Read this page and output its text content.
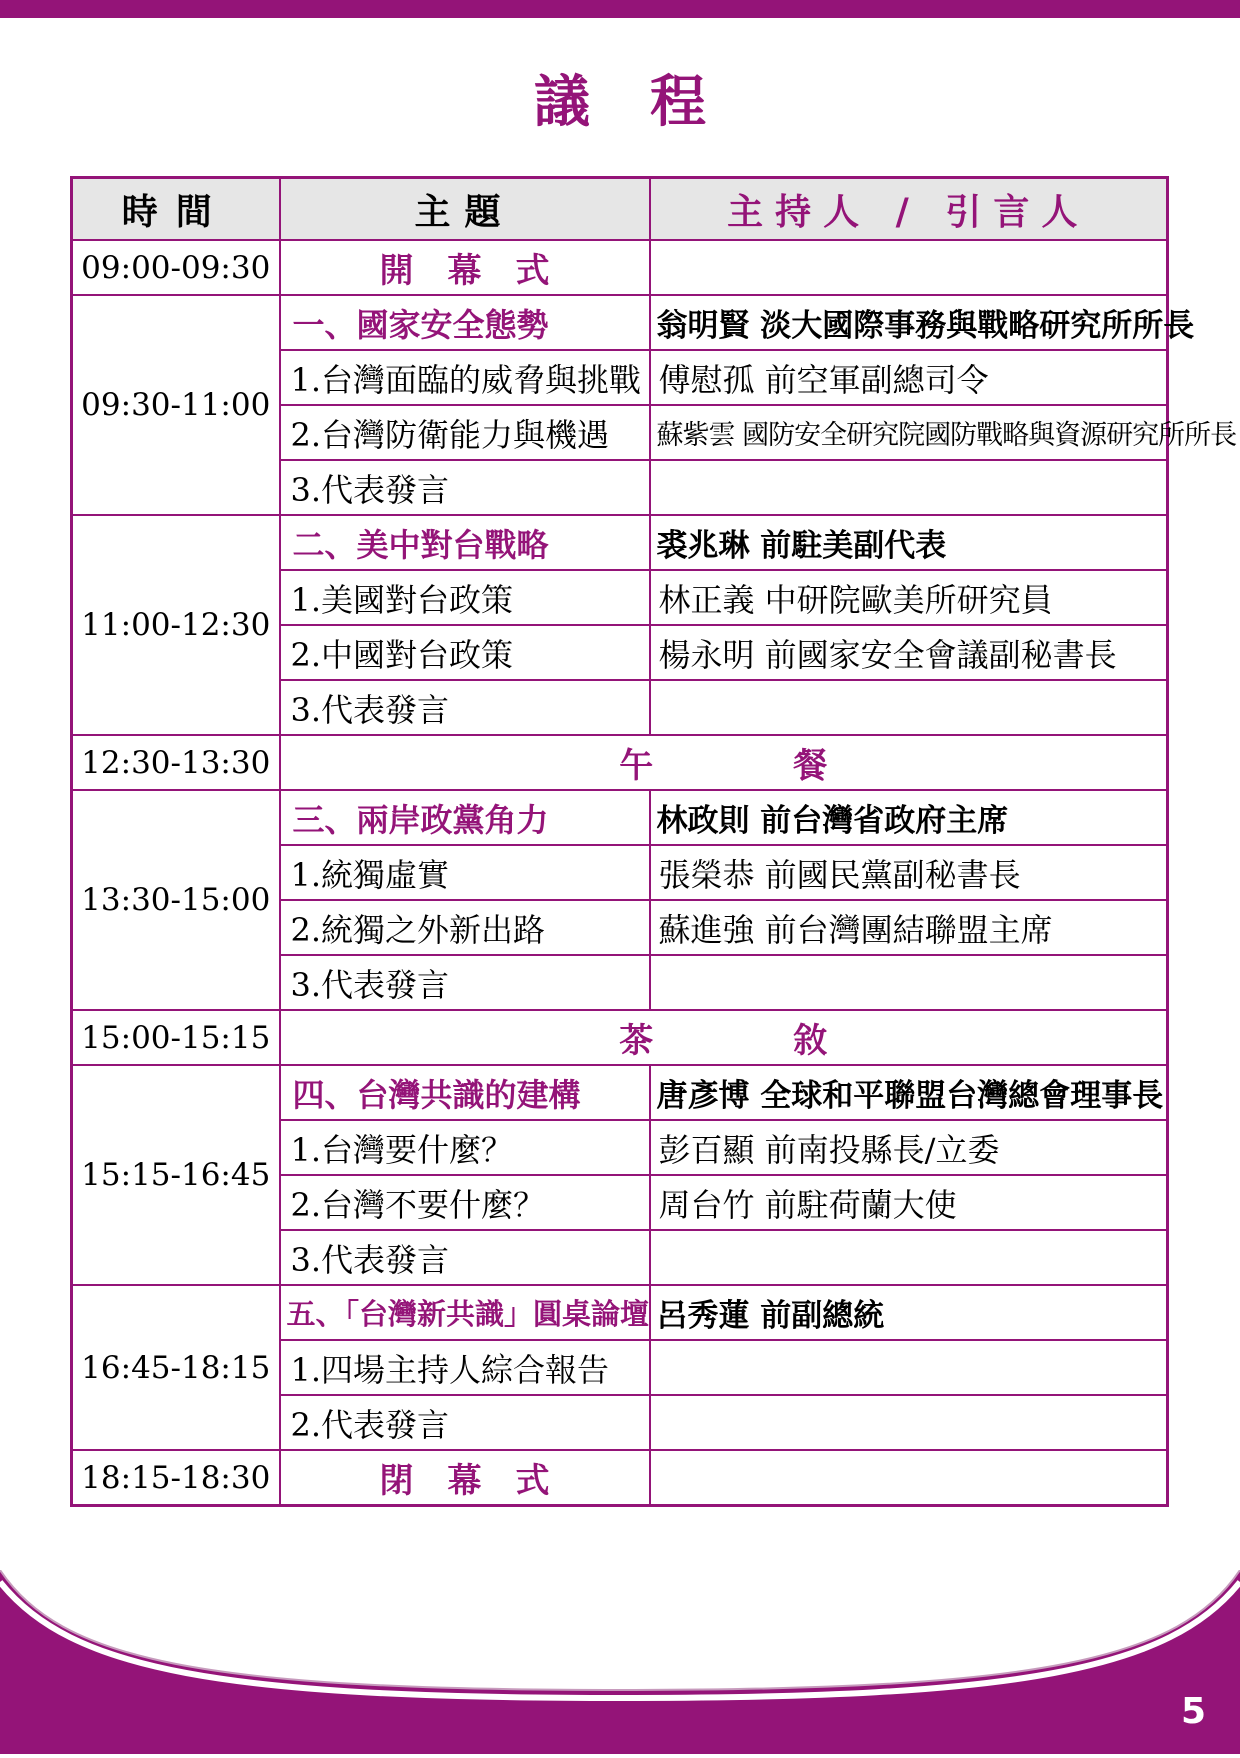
議程
時間	主題	主持人 / 引言人
09:00-09:30	開幕式	
09:30-11:00	一、國家安全態勢	翁明賢 淡大國際事務與戰略研究所所長
	1.台灣面臨的威脅與挑戰	傅慰孤 前空軍副總司令
	2.台灣防衛能力與機遇	蘇紫雲 國防安全研究院國防戰略與資源研究所所長
	3.代表發言	
11:00-12:30	二、美中對台戰略	裘兆琳 前駐美副代表
	1.美國對台政策	林正義 中研院歐美所研究員
	2.中國對台政策	楊永明 前國家安全會議副秘書長
	3.代表發言	
12:30-13:30	午餐	
13:30-15:00	三、兩岸政黨角力	林政則 前台灣省政府主席
	1.統獨虛實	張榮恭 前國民黨副秘書長
	2.統獨之外新出路	蘇進強 前台灣團結聯盟主席
	3.代表發言	
15:00-15:15	茶敘	
15:15-16:45	四、台灣共識的建構	唐彥博 全球和平聯盟台灣總會理事長
	1.台灣要什麼？	彭百顯 前南投縣長/立委
	2.台灣不要什麼？	周台竹 前駐荷蘭大使
	3.代表發言	
16:45-18:15	五、「台灣新共識」圓桌論壇	呂秀蓮 前副總統
	1.四場主持人綜合報告	
	2.代表發言	
18:15-18:30	閉幕式	
5
